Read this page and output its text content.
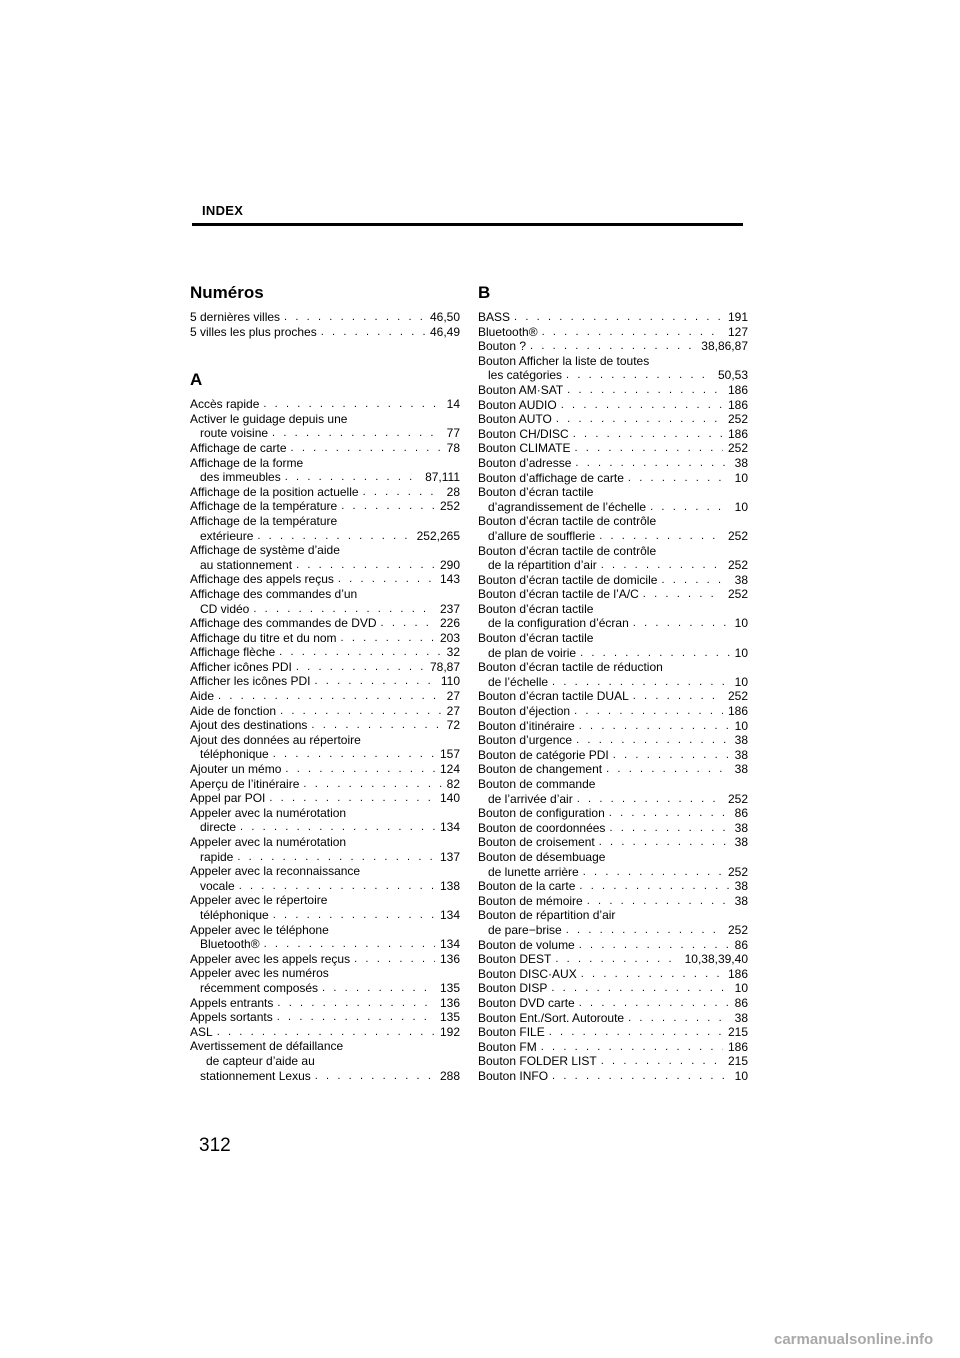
INDEX
Numéros
5 dernières villes . . .	46,50
5 villes les plus proches . . .	46,49
A
Accès rapide . . .	14
Activer le guidage depuis une
route voisine . . .	77
Affichage de carte . . .	78
Affichage de la forme
des immeubles . . .	87,111
Affichage de la position actuelle . . .	28
Affichage de la température . . .	252
Affichage de la température
extérieure . . .	252,265
Affichage de système d’aide
au stationnement . . .	290
Affichage des appels reçus . . .	143
Affichage des commandes d’un
CD vidéo . . .	237
Affichage des commandes de DVD . . .	226
Affichage du titre et du nom . . .	203
Affichage flèche . . .	32
Afficher icônes PDI . . .	78,87
Afficher les icônes PDI . . .	110
Aide . . .	27
Aide de fonction . . .	27
Ajout des destinations . . .	72
Ajout des données au répertoire
téléphonique . . .	157
Ajouter un mémo . . .	124
Aperçu de l’itinéraire . . .	82
Appel par POI . . .	140
Appeler avec la numérotation
directe . . .	134
Appeler avec la numérotation
rapide . . .	137
Appeler avec la reconnaissance
vocale . . .	138
Appeler avec le répertoire
téléphonique . . .	134
Appeler avec le téléphone
Bluetooth® . . .	134
Appeler avec les appels reçus . . .	136
Appeler avec les numéros
récemment composés . . .	135
Appels entrants . . .	136
Appels sortants . . .	135
ASL . . .	192
Avertissement de défaillance
de capteur d’aide au
stationnement Lexus . . .	288
B
BASS . . .	191
Bluetooth® . . .	127
Bouton ? . . .	38,86,87
Bouton Afficher la liste de toutes
les catégories . . .	50,53
Bouton AM·SAT . . .	186
Bouton AUDIO . . .	186
Bouton AUTO . . .	252
Bouton CH/DISC . . .	186
Bouton CLIMATE . . .	252
Bouton d’adresse . . .	38
Bouton d’affichage de carte . . .	10
Bouton d’écran tactile
d’agrandissement de l’échelle . . .	10
Bouton d’écran tactile de contrôle
d’allure de soufflerie . . .	252
Bouton d’écran tactile de contrôle
de la répartition d’air . . .	252
Bouton d’écran tactile de domicile . . .	38
Bouton d’écran tactile de l’A/C . . .	252
Bouton d’écran tactile
de la configuration d’écran . . .	10
Bouton d’écran tactile
de plan de voirie . . .	10
Bouton d’écran tactile de réduction
de l’échelle . . .	10
Bouton d’écran tactile DUAL . . .	252
Bouton d’éjection . . .	186
Bouton d’itinéraire . . .	10
Bouton d’urgence . . .	38
Bouton de catégorie PDI . . .	38
Bouton de changement . . .	38
Bouton de commande
de l’arrivée d’air . . .	252
Bouton de configuration . . .	86
Bouton de coordonnées . . .	38
Bouton de croisement . . .	38
Bouton de désembuage
de lunette arrière . . .	252
Bouton de la carte . . .	38
Bouton de mémoire . . .	38
Bouton de répartition d’air
de pare−brise . . .	252
Bouton de volume . . .	86
Bouton DEST . . .	10,38,39,40
Bouton DISC·AUX . . .	186
Bouton DISP . . .	10
Bouton DVD carte . . .	86
Bouton Ent./Sort. Autoroute . . .	38
Bouton FILE . . .	215
Bouton FM . . .	186
Bouton FOLDER LIST . . .	215
Bouton INFO . . .	10
312
carmanualsonline.info
